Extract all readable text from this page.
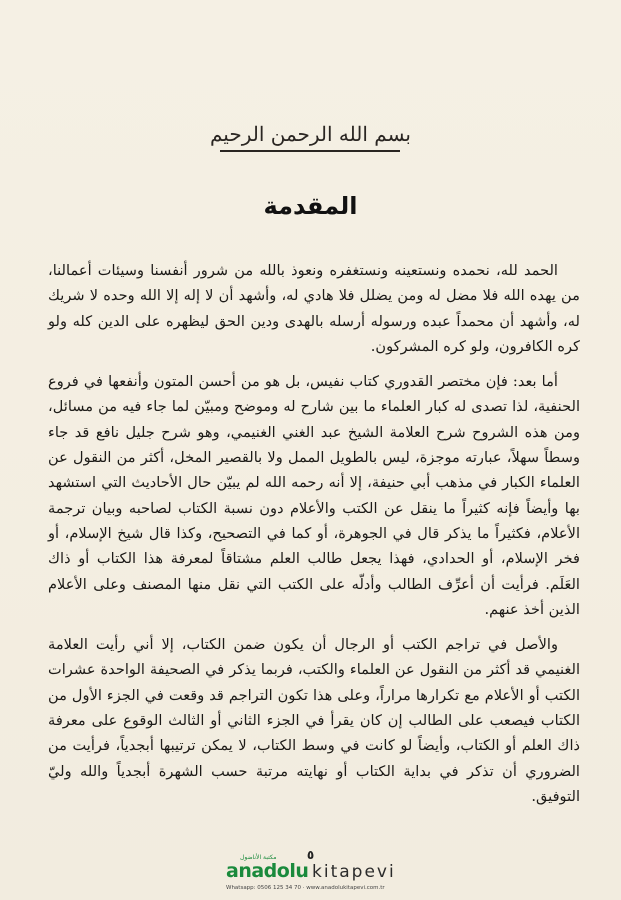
بسم الله الرحمن الرحيم
المقدمة

الحمد لله، نحمده ونستعينه ونستغفره ونعوذ بالله من شرور أنفسنا وسيئات أعمالنا، من يهده الله فلا مضل له ومن يضلل فلا هادي له، وأشهد أن لا إله إلا الله وحده لا شريك له، وأشهد أن محمداً عبده ورسوله أرسله بالهدى ودين الحق ليظهره على الدين كله ولو كره الكافرون، ولو كره المشركون.

أما بعد: فإن مختصر القدوري كتاب نفيس، بل هو من أحسن المتون وأنفعها في فروع الحنفية، لذا تصدى له كبار العلماء ما بين شارح له وموضح ومبيّن لما جاء فيه من مسائل، ومن هذه الشروح شرح العلامة الشيخ عبد الغني الغنيمي، وهو شرح جليل نافع قد جاء وسطاً سهلاً، عبارته موجزة، ليس بالطويل الممل ولا بالقصير المخل، أكثر من النقول عن العلماء الكبار في مذهب أبي حنيفة، إلا أنه رحمه الله لم يبيّن حال الأحاديث التي استشهد بها وأيضاً فإنه كثيراً ما ينقل عن الكتب والأعلام دون نسبة الكتاب لصاحبه وبيان ترجمة الأعلام، فكثيراً ما يذكر قال في الجوهرة، أو كما في التصحيح، وكذا قال شيخ الإسلام، أو فخر الإسلام، أو الحدادي، فهذا يجعل طالب العلم مشتاقاً لمعرفة هذا الكتاب أو ذاك العَلَم. فرأيت أن أعرِّف الطالب وأدلّه على الكتب التي نقل منها المصنف وعلى الأعلام الذين أخذ عنهم.

والأصل في تراجم الكتب أو الرجال أن يكون ضمن الكتاب، إلا أني رأيت العلامة الغنيمي قد أكثر من النقول عن العلماء والكتب، فربما يذكر في الصحيفة الواحدة عشرات الكتب أو الأعلام مع تكرارها مراراً، وعلى هذا تكون التراجم قد وقعت في الجزء الأول من الكتاب فيصعب على الطالب إن كان يقرأ في الجزء الثاني أو الثالث الوقوع على معرفة ذاك العلم أو الكتاب، وأيضاً لو كانت في وسط الكتاب، لا يمكن ترتيبها أبجدياً، فرأيت من الضروري أن تذكر في بداية الكتاب أو نهايته مرتبة حسب الشهرة أبجدياً والله وليّ التوفيق.

٥
مكتبة الأناضول
anadolu kitapevi
Whatsapp: 0506 125 34 70 · www.anadolukitapevi.com.tr
